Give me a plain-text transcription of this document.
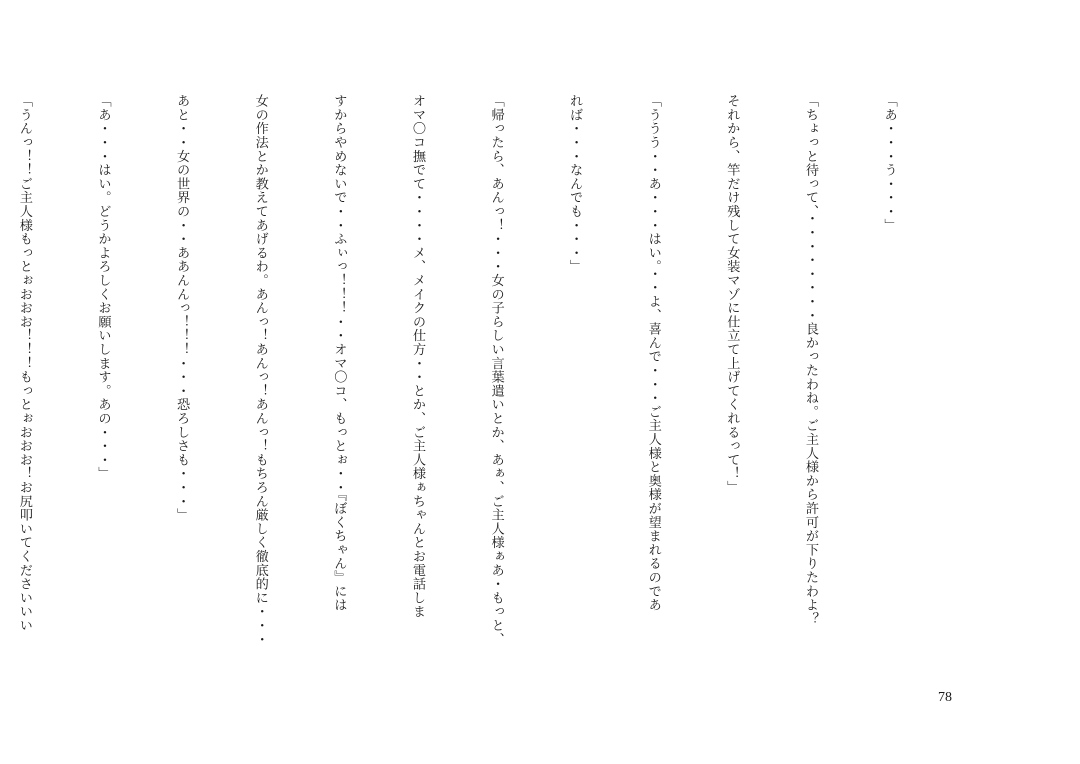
「あ・・・う・・・」

「ちょっと待って、・・・・・・・・良かったわね。ご主人様から許可が下りたわよ？

それから、竿だけ残して女装マゾに仕立て上げてくれるって！」

「ううう・・あ・・・はい。・・よ、喜んで・・・ご主人様と奥様が望まれるのであ

れば・・・なんでも・・・」

「帰ったら、あんっ！・・・女の子らしい言葉遣いとか、あぁ、ご主人様ぁあ・もっと、

オマ〇コ撫でて・・・・メ、メイクの仕方・・とか、ご主人様ぁちゃんとお電話しま

すからやめないで・・ふぃっ！！！・・オマ〇コ、もっとぉ・・『ぼくちゃん』には

女の作法とか教えてあげるわ。あんっ！あんっ！あんっ！もちろん厳しく徹底的に・・・

あと・・女の世界の・・ああんんっ！！！・・・恐ろしさも・・・」

「あ・・・はい。どうかよろしくお願いします。あの・・・」

「うんっ！！ご主人様もっとぉおおお！！！もっとぉおおお！お尻叩いてくださいいい

78
